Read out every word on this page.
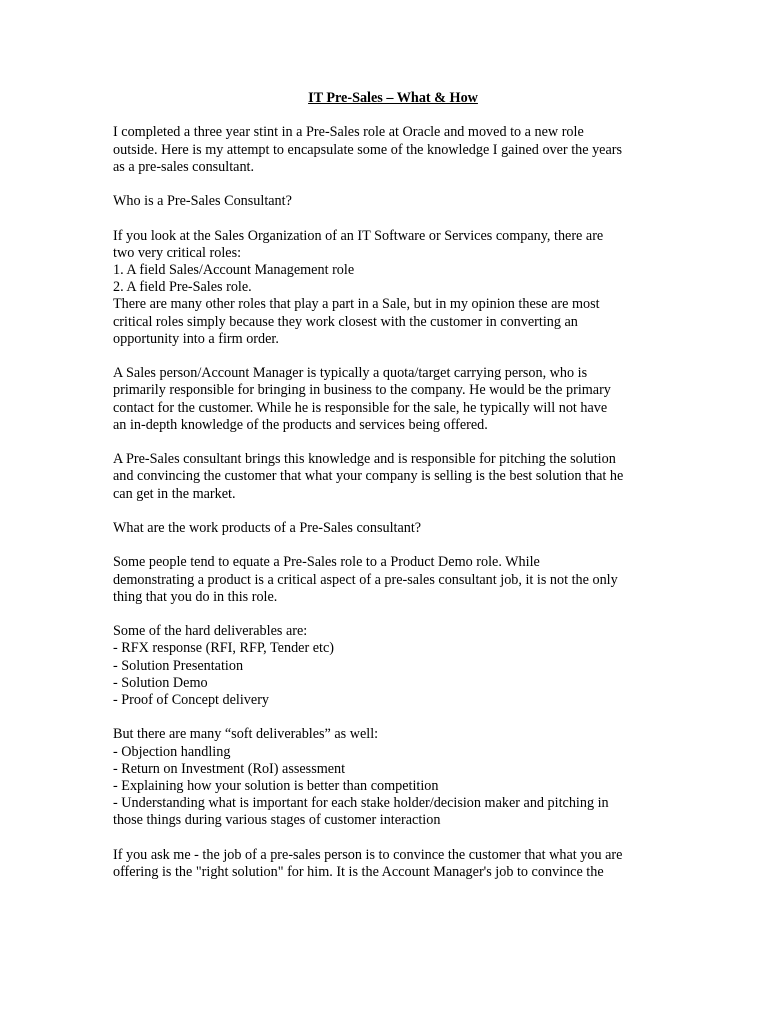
IT Pre-Sales – What & How
I completed a three year stint in a Pre-Sales role at Oracle and moved to a new role
outside. Here is my attempt to encapsulate some of the knowledge I gained over the years
as a pre-sales consultant.
Who is a Pre-Sales Consultant?
If you look at the Sales Organization of an IT Software or Services company, there are
two very critical roles:
1. A field Sales/Account Management role
2. A field Pre-Sales role.
There are many other roles that play a part in a Sale, but in my opinion these are most
critical roles simply because they work closest with the customer in converting an
opportunity into a firm order.
A Sales person/Account Manager is typically a quota/target carrying person, who is
primarily responsible for bringing in business to the company. He would be the primary
contact for the customer. While he is responsible for the sale, he typically will not have
an in-depth knowledge of the products and services being offered.
A Pre-Sales consultant brings this knowledge and is responsible for pitching the solution
and convincing the customer that what your company is selling is the best solution that he
can get in the market.
What are the work products of a Pre-Sales consultant?
Some people tend to equate a Pre-Sales role to a Product Demo role. While
demonstrating a product is a critical aspect of a pre-sales consultant job, it is not the only
thing that you do in this role.
Some of the hard deliverables are:
- RFX response (RFI, RFP, Tender etc)
- Solution Presentation
- Solution Demo
- Proof of Concept delivery
But there are many “soft deliverables” as well:
- Objection handling
- Return on Investment (RoI) assessment
- Explaining how your solution is better than competition
- Understanding what is important for each stake holder/decision maker and pitching in
those things during various stages of customer interaction
If you ask me - the job of a pre-sales person is to convince the customer that what you are
offering is the "right solution" for him. It is the Account Manager's job to convince the
